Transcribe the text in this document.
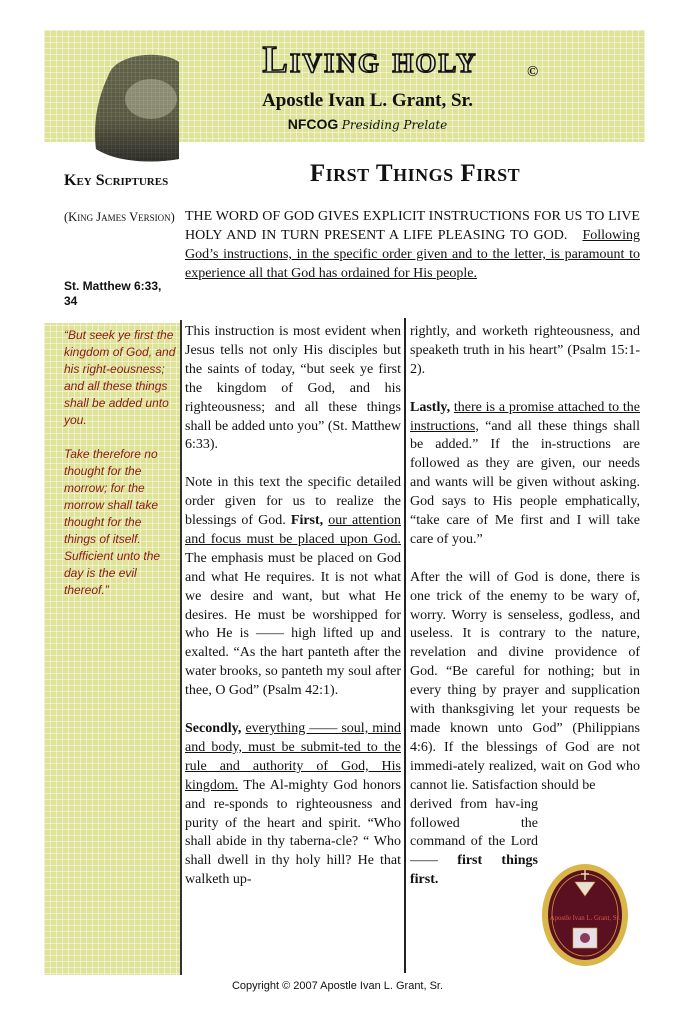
Key Scriptures
(King James Version)
St. Matthew 6:33, 34

“But seek ye first the kingdom of God, and his right-eousness; and all these things shall be added unto you.

Take therefore no thought for the morrow; for the morrow shall take thought for the things of itself. Sufficient unto the day is the evil thereof.”

Living holy	©
Apostle Ivan L. Grant, Sr.
NFCOG Presiding Prelate
First Things First
THE WORD OF GOD GIVES EXPLICIT INSTRUCTIONS FOR US TO LIVE HOLY AND IN TURN PRESENT A LIFE PLEASING TO GOD. Following God’s instructions, in the specific order given and to the letter, is paramount to experience all that God has ordained for His people.

This instruction is most evident when Jesus tells not only His disciples but the saints of today, “but seek ye first the kingdom of God, and his righteousness; and all these things shall be added unto you” (St. Matthew 6:33).

Note in this text the specific detailed order given for us to realize the blessings of God. First, our attention and focus must be placed upon God. The emphasis must be placed on God and what He requires. It is not what we desire and want, but what He desires. He must be worshipped for who He is —— high lifted up and exalted. “As the hart panteth after the water brooks, so panteth my soul after thee, O God” (Psalm 42:1).

Secondly, everything —— soul, mind and body, must be submit-ted to the rule and authority of God, His kingdom. The Al-mighty God honors and re-sponds to righteousness and purity of the heart and spirit. “Who shall abide in thy taberna-cle? “ Who shall dwell in thy holy hill? He that walketh up-

rightly, and worketh righteousness, and speaketh truth in his heart” (Psalm 15:1-2).

Lastly, there is a promise attached to the instructions, “and all these things shall be added.” If the in-structions are followed as they are given, our needs and wants will be given without asking. God says to His people emphatically, “take care of Me first and I will take care of you.”

After the will of God is done, there is one trick of the enemy to be wary of, worry. Worry is senseless, godless, and useless. It is contrary to the nature, revelation and divine providence of God. “Be careful for nothing; but in every thing by prayer and supplication with thanksgiving let your requests be made known unto God” (Philippians 4:6). If the blessings of God are not immedi-ately realized, wait on God who cannot lie. Satisfaction should be

derived from hav-ing followed the command of the Lord —— first things first.
Apostle Ivan L. Grant, Sr.
Copyright © 2007 Apostle Ivan L. Grant, Sr.
